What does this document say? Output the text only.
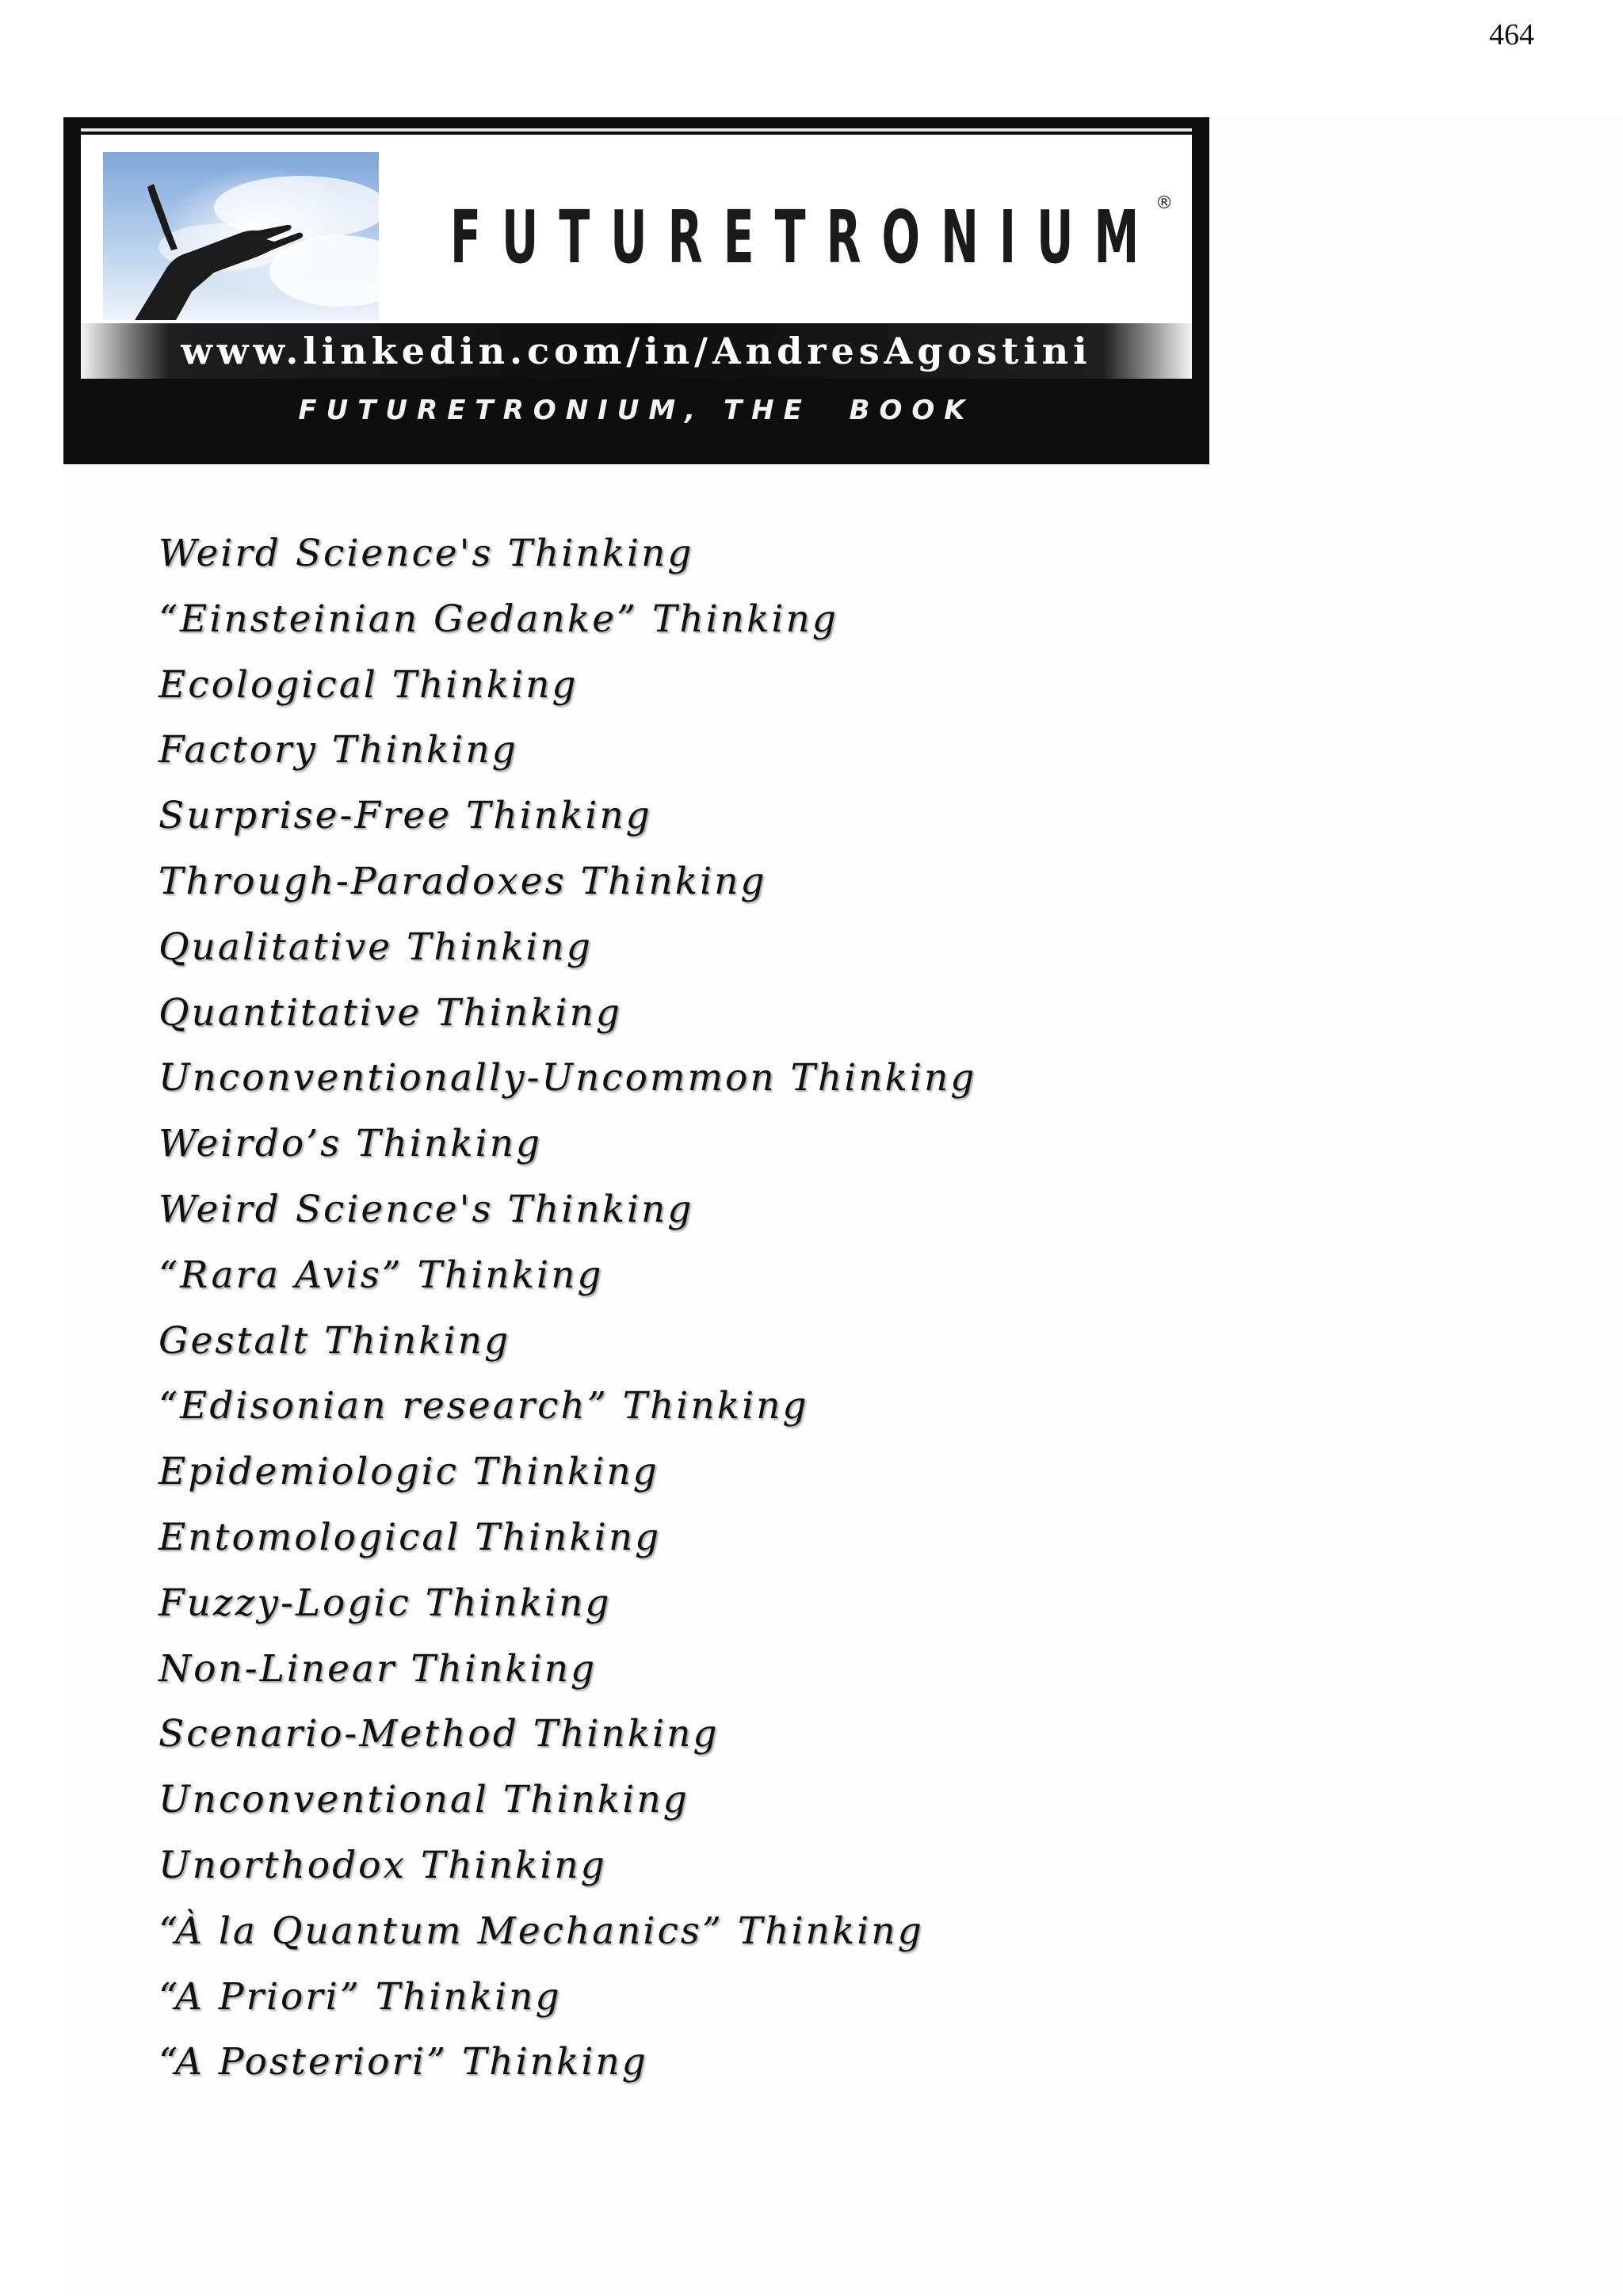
464
FUTURETRONIUM
®
www.linkedin.com/in/AndresAgostini
FUTURETRONIUM, THE  BOOK
Weird Science's Thinking
“Einsteinian Gedanke” Thinking
Ecological Thinking
Factory Thinking
Surprise-Free Thinking
Through-Paradoxes Thinking
Qualitative Thinking
Quantitative Thinking
Unconventionally-Uncommon Thinking
Weirdo’s Thinking
Weird Science's Thinking
“Rara Avis” Thinking
Gestalt Thinking
“Edisonian research” Thinking
Epidemiologic Thinking
Entomological Thinking
Fuzzy-Logic Thinking
Non-Linear Thinking
Scenario-Method Thinking
Unconventional Thinking
Unorthodox Thinking
“À la Quantum Mechanics” Thinking
“A Priori” Thinking
“A Posteriori” Thinking
